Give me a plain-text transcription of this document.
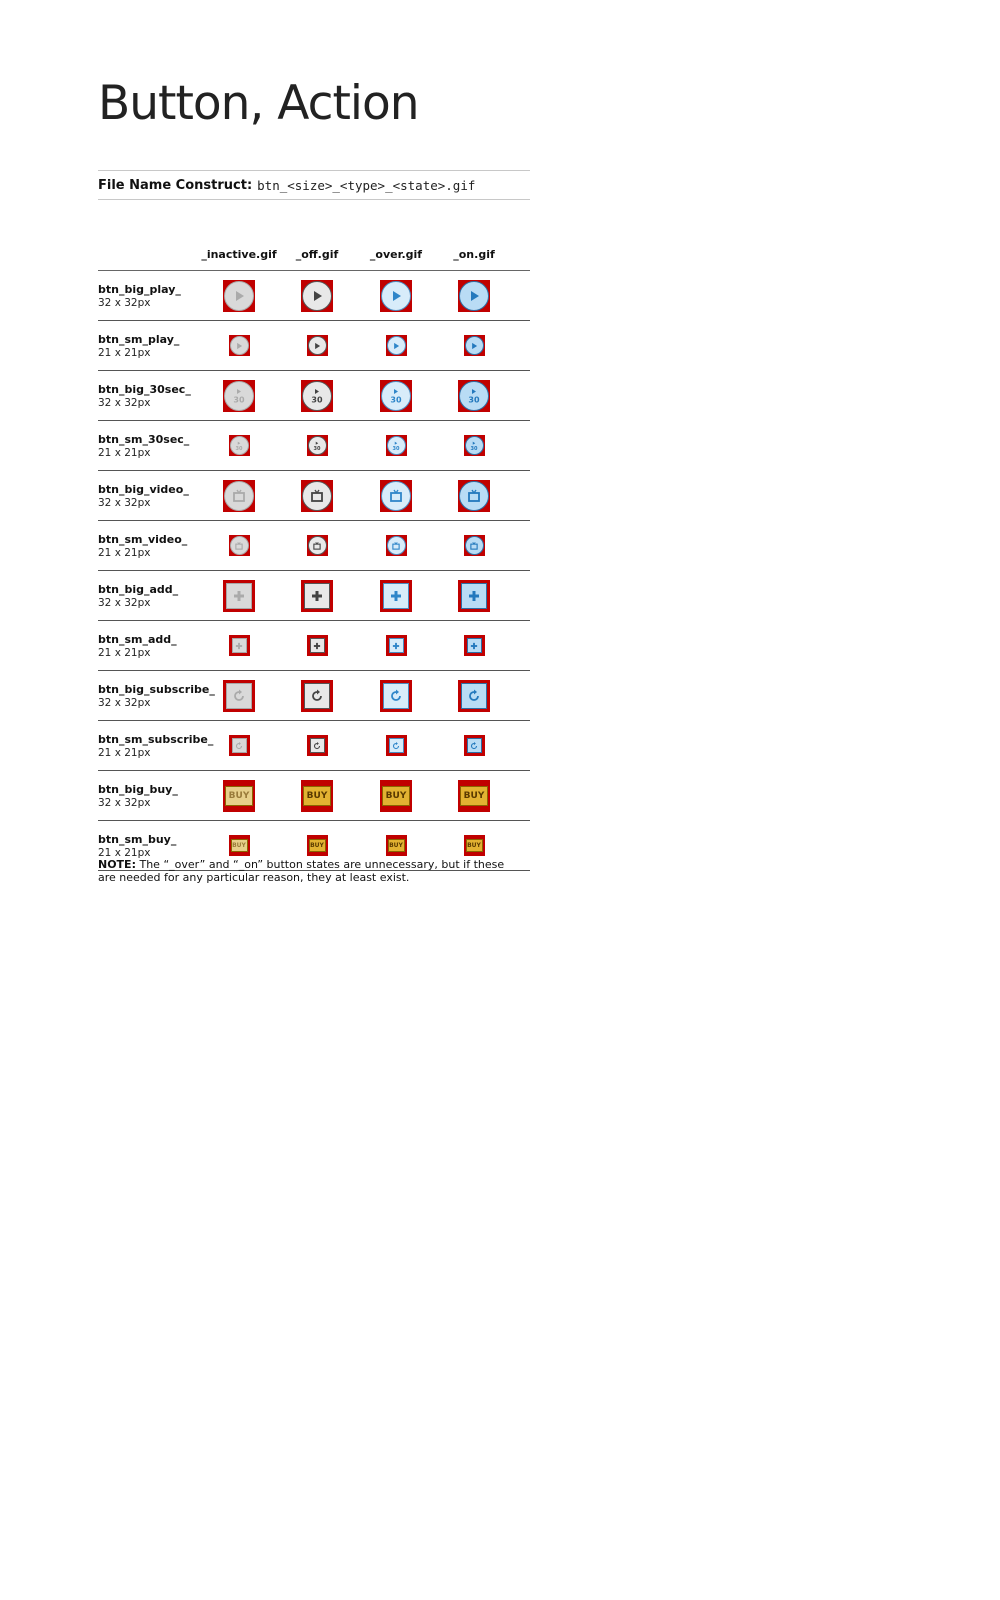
Button, Action
File Name Construct: btn_<size>_<type>_<state>.gif
_inactive.gif	_off.gif	_over.gif	_on.gif
btn_big_play_
32 x 32px
btn_sm_play_
21 x 21px
btn_big_30sec_
32 x 32px	30	30	30	30
btn_sm_30sec_
21 x 21px	30	30	30	30
btn_big_video_
32 x 32px
btn_sm_video_
21 x 21px
btn_big_add_
32 x 32px
btn_sm_add_
21 x 21px
btn_big_subscribe_
32 x 32px
btn_sm_subscribe_
21 x 21px
btn_big_buy_
32 x 32px
BUY	BUY	BUY	BUY
btn_sm_buy_
21 x 21px
BUY	BUY	BUY	BUY
NOTE: The “_over” and “_on” button states are unnecessary, but if these are needed for any particular reason, they at least exist.
